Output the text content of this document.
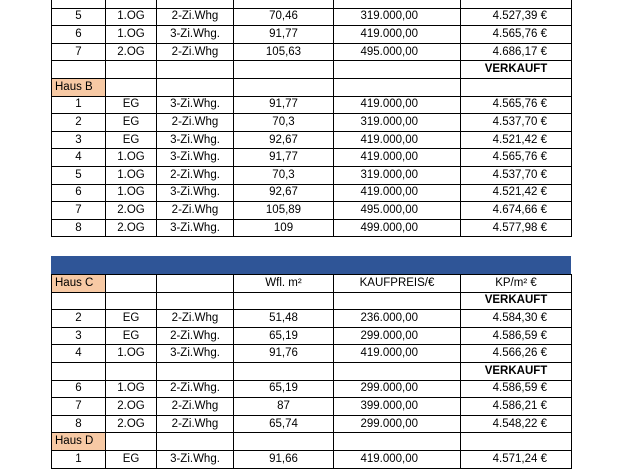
5	1.OG	2-Zi.Whg	70,46	319.000,00	4.527,39 €
6	1.OG	3-Zi.Whg.	91,77	419.000,00	4.565,76 €
7	2.OG	2-Zi.Whg	105,63	495.000,00	4.686,17 €
					VERKAUFT
Haus B					
1	EG	3-Zi.Whg.	91,77	419.000,00	4.565,76 €
2	EG	2-Zi.Whg	70,3	319.000,00	4.537,70 €
3	EG	3-Zi.Whg.	92,67	419.000,00	4.521,42 €
4	1.OG	3-Zi.Whg.	91,77	419.000,00	4.565,76 €
5	1.OG	2-Zi.Whg.	70,3	319.000,00	4.537,70 €
6	1.OG	3-Zi.Whg.	92,67	419.000,00	4.521,42 €
7	2.OG	2-Zi.Whg	105,89	495.000,00	4.674,66 €
8	2.OG	3-Zi.Whg.	109	499.000,00	4.577,98 €
Haus C			Wfl. m²	KAUFPREIS/€	KP/m² €
					VERKAUFT
2	EG	2-Zi.Whg	51,48	236.000,00	4.584,30 €
3	EG	2-Zi.Whg.	65,19	299.000,00	4.586,59 €
4	1.OG	3-Zi.Whg.	91,76	419.000,00	4.566,26 €
					VERKAUFT
6	1.OG	2-Zi.Whg.	65,19	299.000,00	4.586,59 €
7	2.OG	2-Zi.Whg	87	399.000,00	4.586,21 €
8	2.OG	2-Zi.Whg	65,74	299.000,00	4.548,22 €
Haus D					
1	EG	3-Zi.Whg.	91,66	419.000,00	4.571,24 €
